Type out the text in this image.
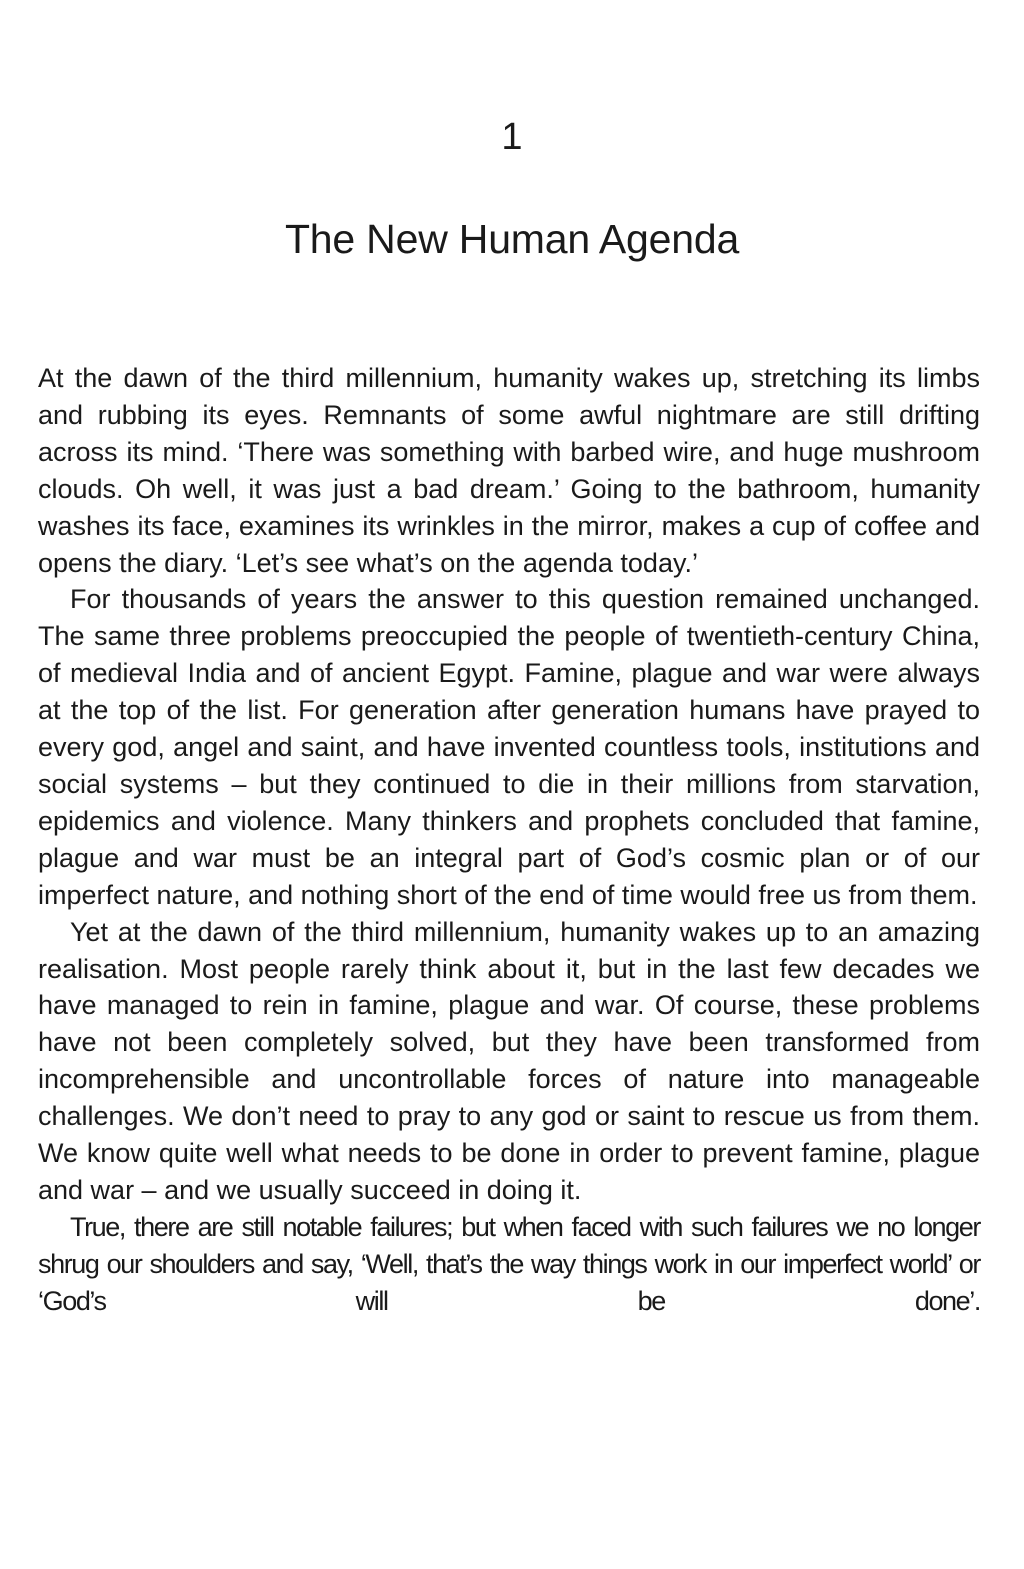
1
The New Human Agenda

At the dawn of the third millennium, humanity wakes up, stretching its limbs and rubbing its eyes. Remnants of some awful nightmare are still drifting across its mind. ‘There was something with barbed wire, and huge mushroom clouds. Oh well, it was just a bad dream.’ Going to the bathroom, humanity washes its face, examines its wrinkles in the mirror, makes a cup of coffee and opens the diary. ‘Let’s see what’s on the agenda today.’

For thousands of years the answer to this question remained unchanged. The same three problems preoccupied the people of twentieth-century China, of medieval India and of ancient Egypt. Famine, plague and war were always at the top of the list. For generation after generation humans have prayed to every god, angel and saint, and have invented countless tools, institutions and social systems – but they continued to die in their millions from starvation, epidemics and violence. Many thinkers and prophets concluded that famine, plague and war must be an integral part of God’s cosmic plan or of our imperfect nature, and nothing short of the end of time would free us from them.

Yet at the dawn of the third millennium, humanity wakes up to an amazing realisation. Most people rarely think about it, but in the last few decades we have managed to rein in famine, plague and war. Of course, these problems have not been completely solved, but they have been transformed from incomprehensible and uncontrollable forces of nature into manageable challenges. We don’t need to pray to any god or saint to rescue us from them. We know quite well what needs to be done in order to prevent famine, plague and war – and we usually succeed in doing it.

True, there are still notable failures; but when faced with such failures we no longer shrug our shoulders and say, ‘Well, that’s the way things work in our imperfect world’ or ‘God’s will be done’.
